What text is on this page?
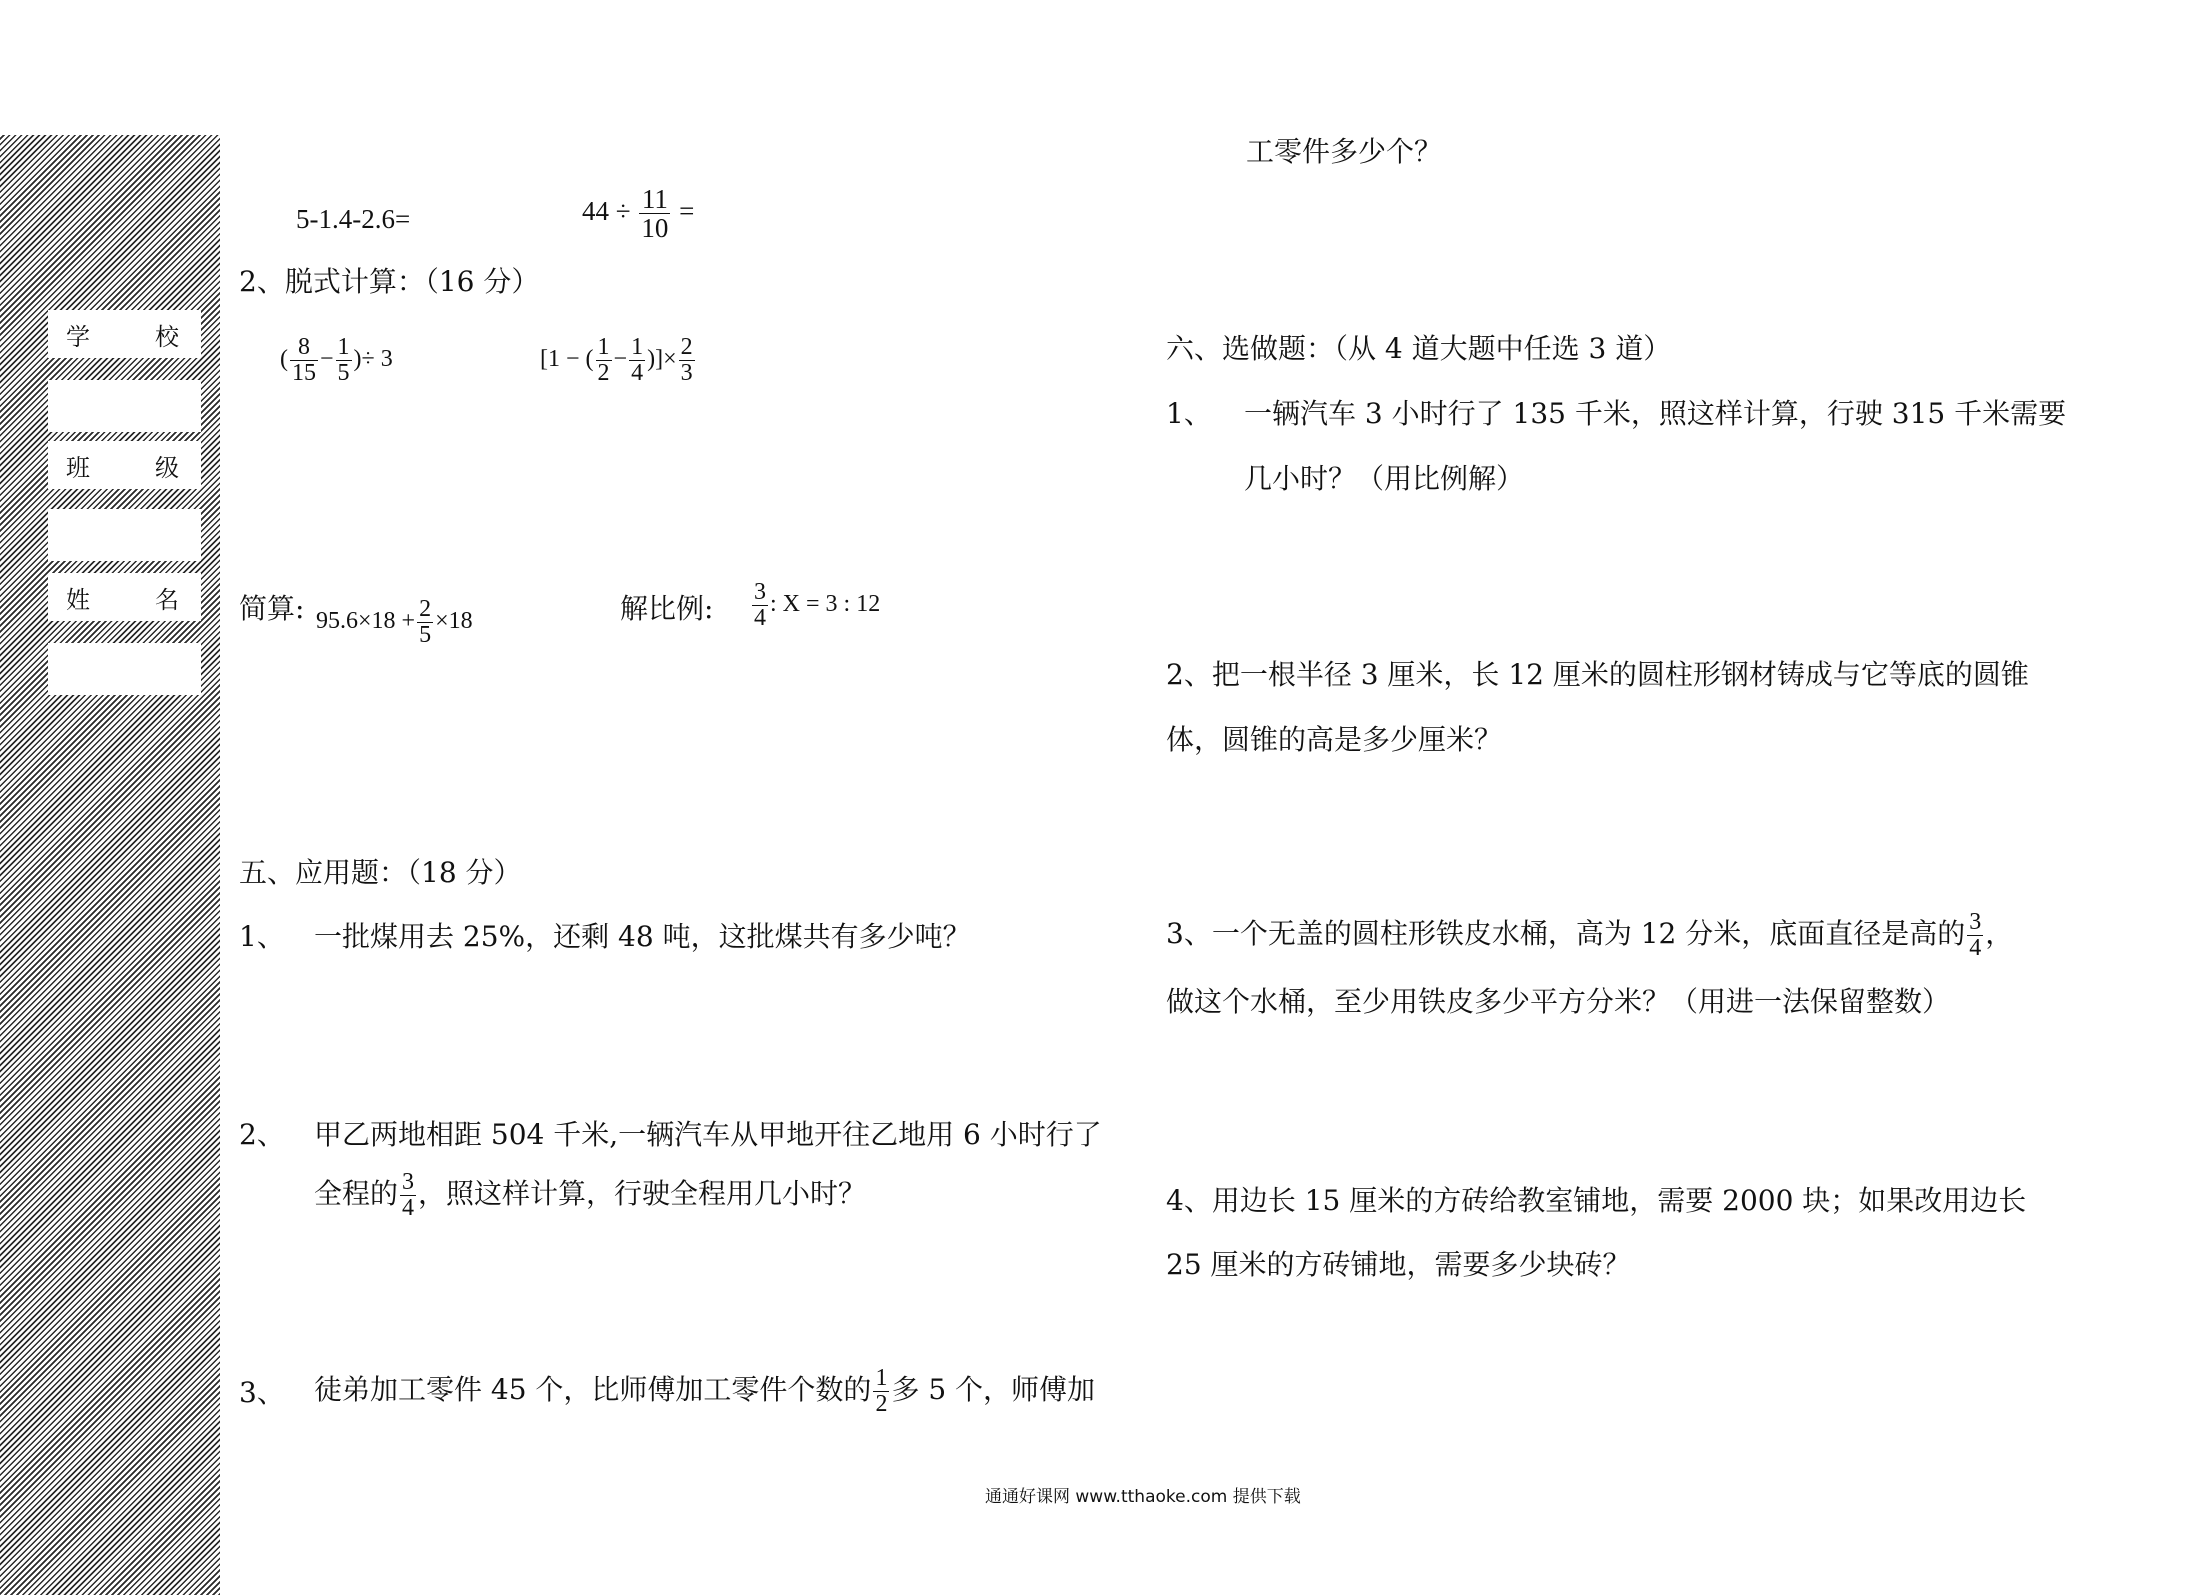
学	校
班	级
姓	名
5-1.4-2.6=	$44 \div \frac{11}{10}$ =
2、脱式计算：（16 分）
( $\frac{8}{15} - \frac{1}{5}$ )÷ 3	[1 − ( $\frac{1}{2} - \frac{1}{4}$ )]× $\frac{2}{3}$
简算: $95.6\times 18 + \frac{2}{5} \times 18$	解比例: $\frac{3}{4}$ : X = 3 : 12
五、应用题：（18 分）
1、 一批煤用去 25%，还剩 48 吨，这批煤共有多少吨？
2、 甲乙两地相距 504 千米,一辆汽车从甲地开往乙地用 6 小时行了
全程的 $\frac{3}{4}$ ，照这样计算，行驶全程用几小时？
3、 徒弟加工零件 45 个，比师傅加工零件个数的 $\frac{1}{2}$ 多 5 个，师傅加
工零件多少个？
六、选做题：（从 4 道大题中任选 3 道）
1、 一辆汽车 3 小时行了 135 千米，照这样计算，行驶 315 千米需要
几小时？（用比例解）
2、把一根半径 3 厘米，长 12 厘米的圆柱形钢材铸成与它等底的圆锥
体，圆锥的高是多少厘米？
3、一个无盖的圆柱形铁皮水桶，高为 12 分米，底面直径是高的 $\frac{3}{4}$ ，
做这个水桶，至少用铁皮多少平方分米？（用进一法保留整数）
4、用边长 15 厘米的方砖给教室铺地，需要 2000 块；如果改用边长
25 厘米的方砖铺地，需要多少块砖？
通通好课网 www.tthaoke.com 提供下载
